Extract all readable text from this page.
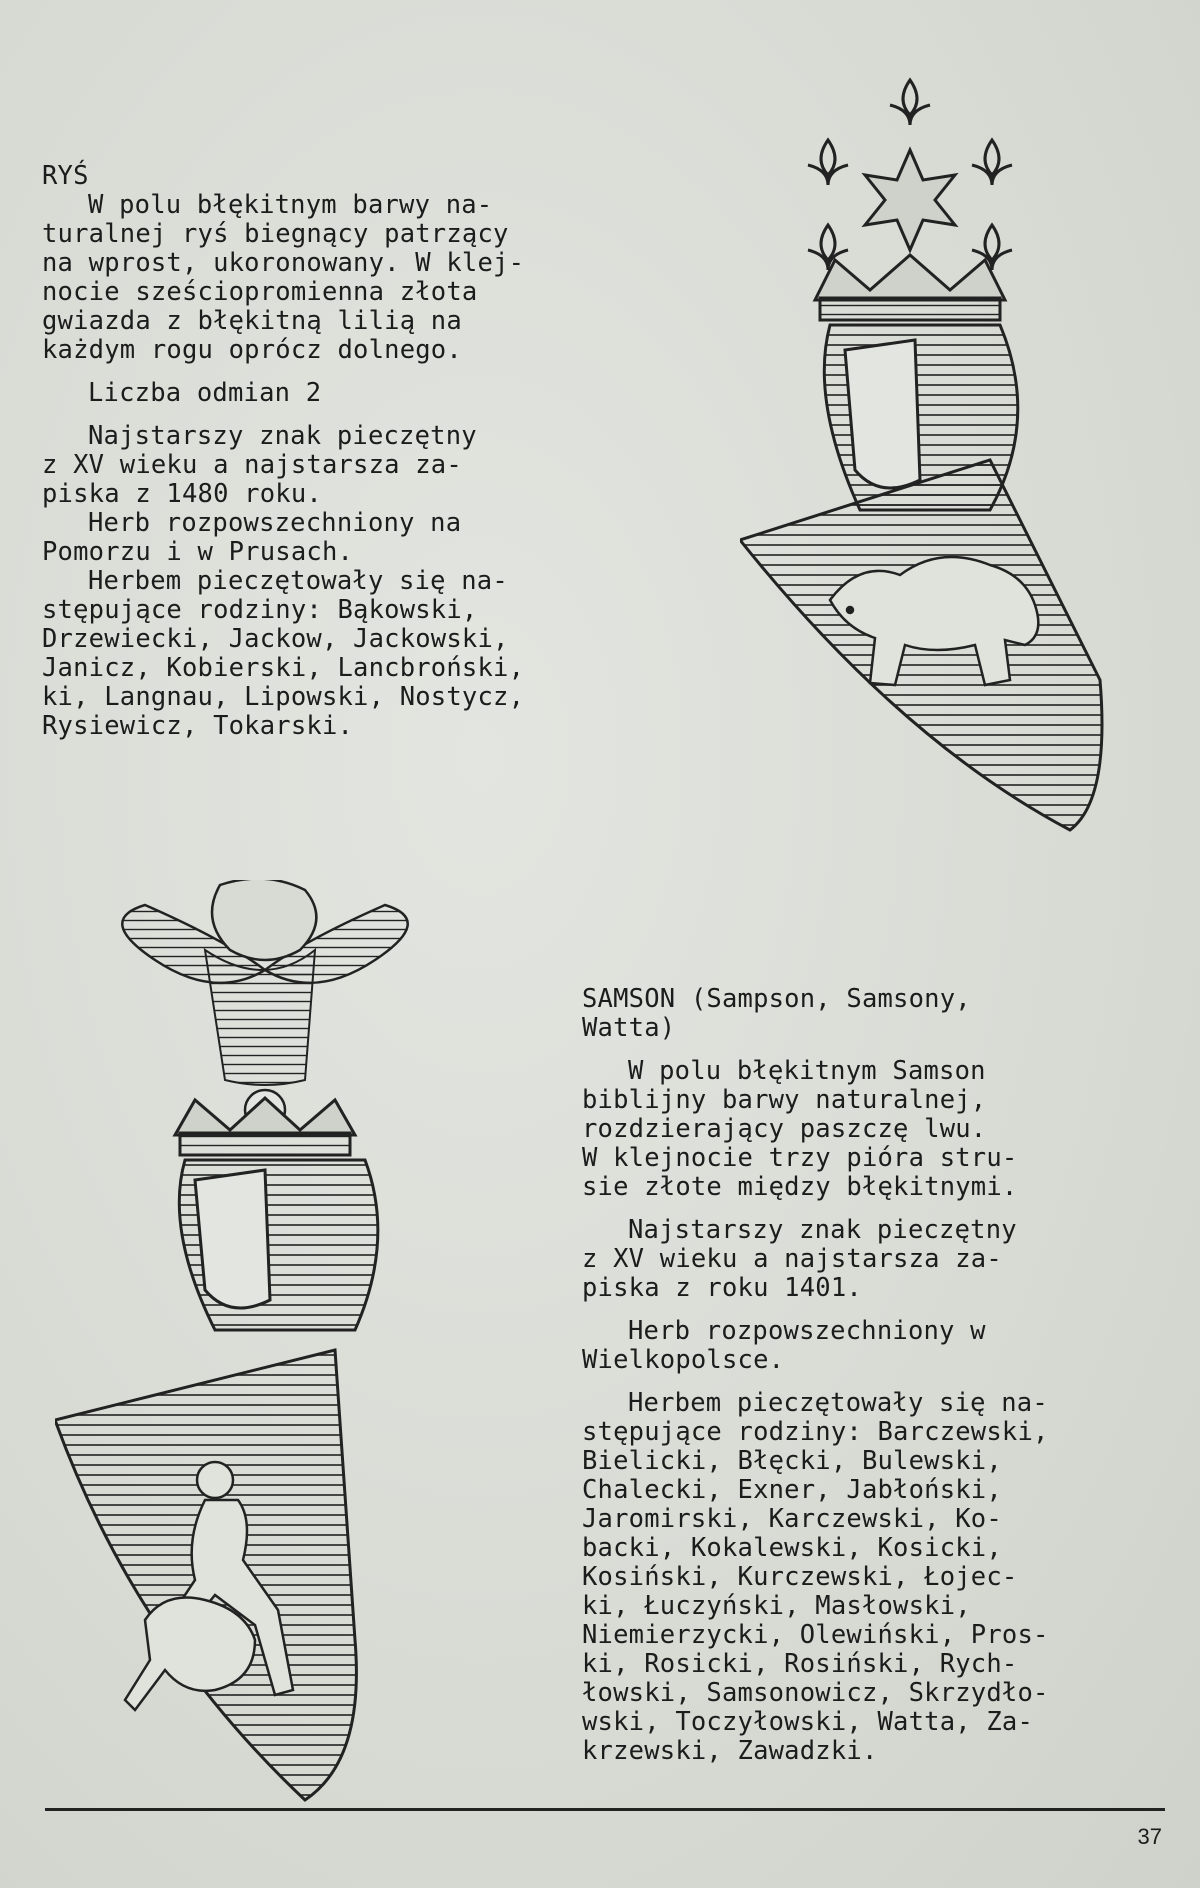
RYŚ

W polu błękitnym barwy na-

turalnej ryś biegnący patrzący

na wprost, ukoronowany. W klej-

nocie sześciopromienna złota

gwiazda z błękitną lilią na

każdym rogu oprócz dolnego.

Liczba odmian 2

Najstarszy znak pieczętny

z XV wieku a najstarsza za-

piska z 1480 roku.

Herb rozpowszechniony na

Pomorzu i w Prusach.

Herbem pieczętowały się na-

stępujące rodziny: Bąkowski,

Drzewiecki, Jackow, Jackowski,

Janicz, Kobierski, Lancbroński,

ki, Langnau, Lipowski, Nostycz,

Rysiewicz, Tokarski.

SAMSON (Sampson, Samsony,

Watta)

W polu błękitnym Samson

biblijny barwy naturalnej,

rozdzierający paszczę lwu.

W klejnocie trzy pióra stru-

sie złote między błękitnymi.

Najstarszy znak pieczętny

z XV wieku a najstarsza za-

piska z roku 1401.

Herb rozpowszechniony w

Wielkopolsce.

Herbem pieczętowały się na-

stępujące rodziny: Barczewski,

Bielicki, Błęcki, Bulewski,

Chalecki, Exner, Jabłoński,

Jaromirski, Karczewski, Ko-

backi, Kokalewski, Kosicki,

Kosiński, Kurczewski, Łojec-

ki, Łuczyński, Masłowski,

Niemierzycki, Olewiński, Pros-

ki, Rosicki, Rosiński, Rych-

łowski, Samsonowicz, Skrzydło-

wski, Toczyłowski, Watta, Za-

krzewski, Zawadzki.

37
